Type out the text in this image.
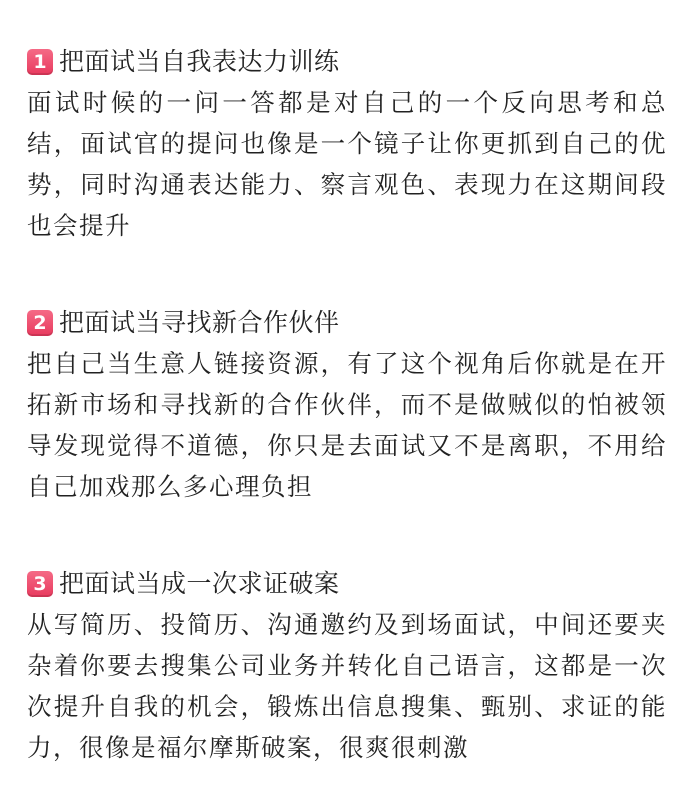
1 把面试当自我表达力训练

面试时候的一问一答都是对自己的一个反向思考和总结，面试官的提问也像是一个镜子让你更抓到自己的优势，同时沟通表达能力、察言观色、表现力在这期间段也会提升

2 把面试当寻找新合作伙伴

把自己当生意人链接资源，有了这个视角后你就是在开拓新市场和寻找新的合作伙伴，而不是做贼似的怕被领导发现觉得不道德，你只是去面试又不是离职，不用给自己加戏那么多心理负担

3 把面试当成一次求证破案

从写简历、投简历、沟通邀约及到场面试，中间还要夹杂着你要去搜集公司业务并转化自己语言，这都是一次次提升自我的机会，锻炼出信息搜集、甄别、求证的能力，很像是福尔摩斯破案，很爽很刺激
